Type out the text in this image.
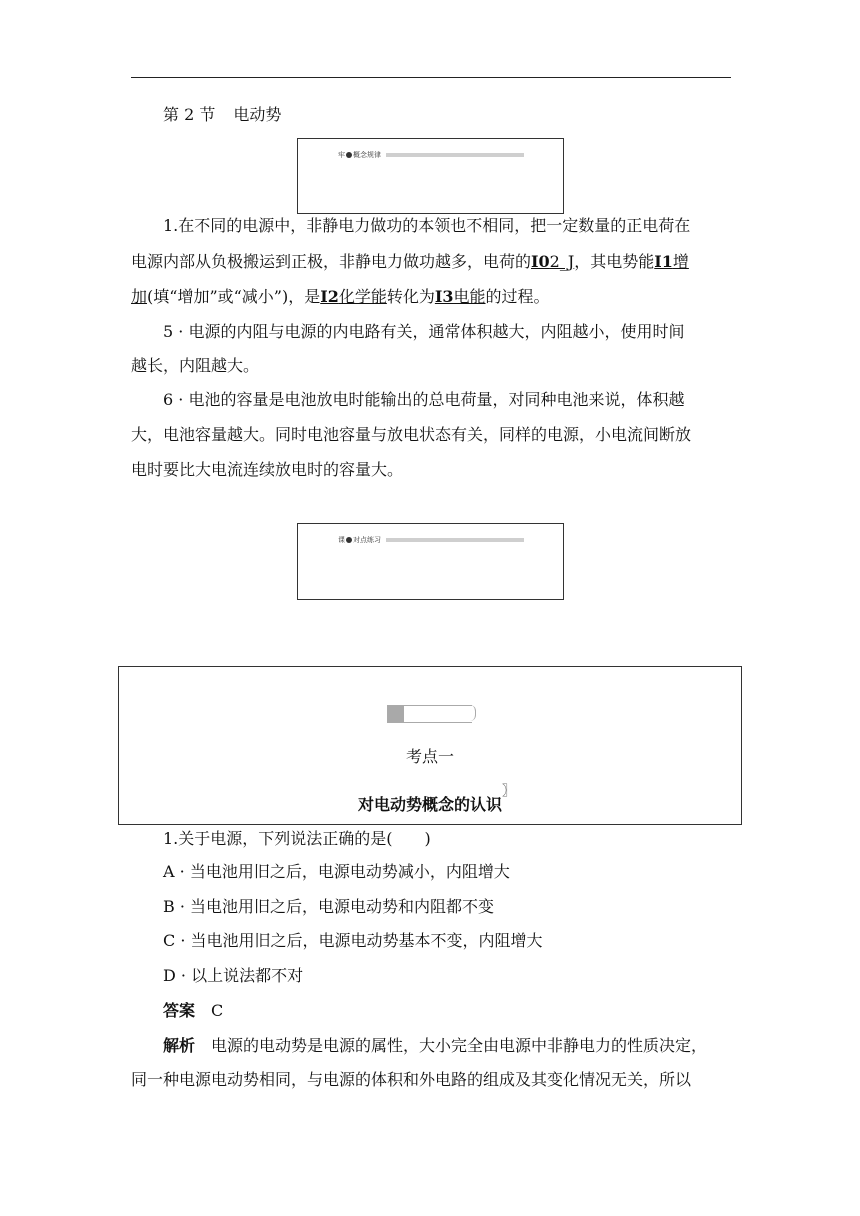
第 2 节 电动势
牢 概念规律
1.在不同的电源中，非静电力做功的本领也不相同，把一定数量的正电荷在
电源内部从负极搬运到正极，非静电力做功越多，电荷的I02_J，其电势能I1增
加(填“增加”或“减小”)，是I2化学能转化为I3电能的过程。
5 · 电源的内阻与电源的内电路有关，通常体积越大，内阻越小，使用时间
越长，内阻越大。
6 · 电池的容量是电池放电时能输出的总电荷量，对同种电池来说，体积越
大，电池容量越大。同时电池容量与放电状态有关，同样的电源，小电流间断放
电时要比大电流连续放电时的容量大。
课 对点练习
考点一
对电动势概念的认识
〗
1.关于电源，下列说法正确的是(　　)
A · 当电池用旧之后，电源电动势减小，内阻增大
B · 当电池用旧之后，电源电动势和内阻都不变
C · 当电池用旧之后，电源电动势基本不变，内阻增大
D · 以上说法都不对
答案 C
解析 电源的电动势是电源的属性，大小完全由电源中非静电力的性质决定，
同一种电源电动势相同，与电源的体积和外电路的组成及其变化情况无关，所以
